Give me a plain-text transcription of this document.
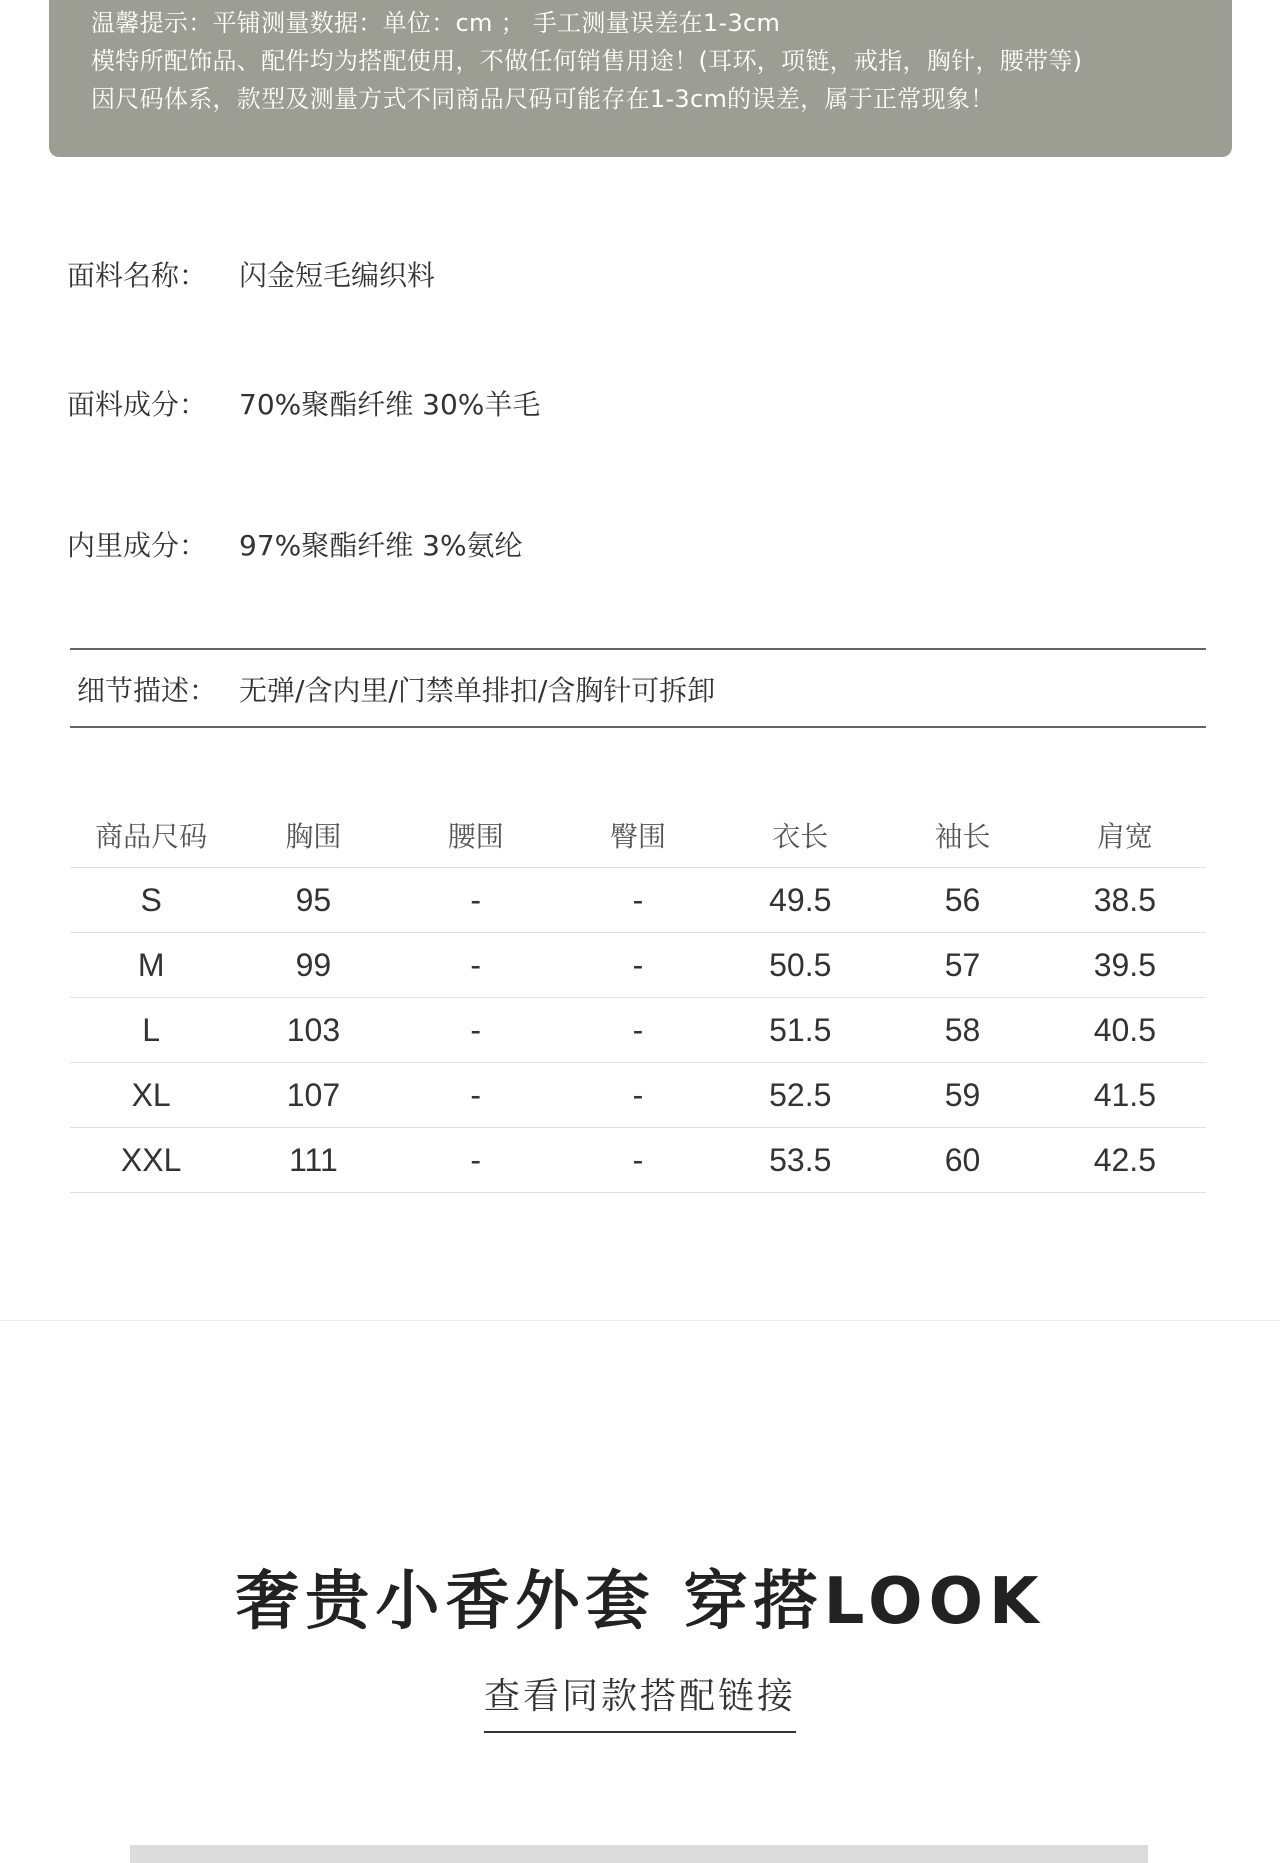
温馨提示：平铺测量数据：单位：cm ； 手工测量误差在1-3cm
模特所配饰品、配件均为搭配使用，不做任何销售用途！(耳环，项链，戒指，胸针，腰带等)
因尺码体系，款型及测量方式不同商品尺码可能存在1-3cm的误差，属于正常现象！
面料名称： 闪金短毛编织料
面料成分： 70%聚酯纤维 30%羊毛
内里成分： 97%聚酯纤维 3%氨纶
细节描述： 无弹/含内里/门禁单排扣/含胸针可拆卸
商品尺码	胸围	腰围	臀围	衣长	袖长	肩宽
S	95	-	-	49.5	56	38.5
M	99	-	-	50.5	57	39.5
L	103	-	-	51.5	58	40.5
XL	107	-	-	52.5	59	41.5
XXL	111	-	-	53.5	60	42.5
奢贵小香外套 穿搭LOOK
查看同款搭配链接
